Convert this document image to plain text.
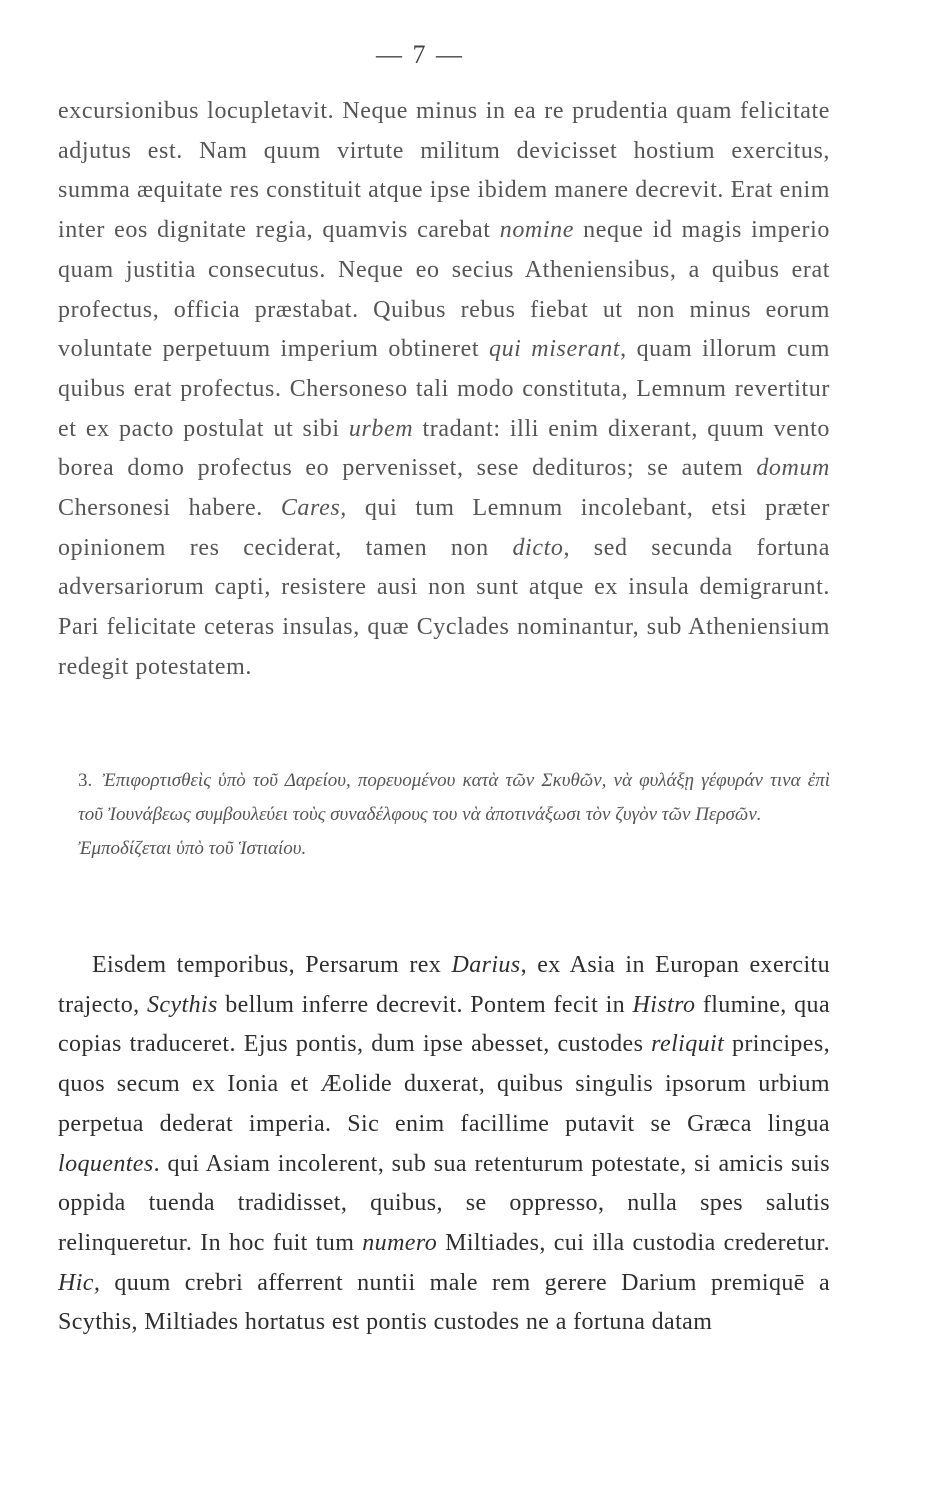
— 7 —

excursionibus locupletavit. Neque minus in ea re prudentia quam felicitate adjutus est. Nam quum virtute militum devicisset hostium exercitus, summa æquitate res constituit atque ipse ibidem manere decrevit. Erat enim inter eos dignitate regia, quamvis carebat nomine neque id magis imperio quam justitia consecutus. Neque eo secius Atheniensibus, a quibus erat profectus, officia præstabat. Quibus rebus fiebat ut non minus eorum voluntate perpetuum imperium obtineret qui miserant, quam illorum cum quibus erat profectus. Chersoneso tali modo constituta, Lemnum revertitur et ex pacto postulat ut sibi urbem tradant: illi enim dixerant, quum vento borea domo profectus eo pervenisset, sese dedituros; se autem domum Chersonesi habere. Cares, qui tum Lemnum incolebant, etsi præter opinionem res ceciderat, tamen non dicto, sed secunda fortuna adversariorum capti, resistere ausi non sunt atque ex insula demigrarunt. Pari felicitate ceteras insulas, quæ Cyclades nominantur, sub Atheniensium redegit potestatem.

3. Ἐπιφορτισθεὶς ὑπὸ τοῦ Δαρείου, πορευομένου κατὰ τῶν Σκυθῶν, νὰ φυλάξῃ γέφυράν τινα ἐπὶ τοῦ Ἰουνάβεως συμβουλεύει τοὺς συναδέλφους του νὰ ἀποτινάξωσι τὸν ζυγὸν τῶν Περσῶν.

Ἐμποδίζεται ὑπὸ τοῦ Ἱστιαίου.

Eisdem temporibus, Persarum rex Darius, ex Asia in Europan exercitu trajecto, Scythis bellum inferre decrevit. Pontem fecit in Histro flumine, qua copias traduceret. Ejus pontis, dum ipse abesset, custodes reliquit principes, quos secum ex Ionia et Æolide duxerat, quibus singulis ipsorum urbium perpetua dederat imperia. Sic enim facillime putavit se Græca lingua loquentes. qui Asiam incolerent, sub sua retenturum potestate, si amicis suis oppida tuenda tradidisset, quibus, se oppresso, nulla spes salutis relinqueretur. In hoc fuit tum numero Miltiades, cui illa custodia crederetur. Hic, quum crebri afferrent nuntii male rem gerere Darium premiquē a Scythis, Miltiades hortatus est pontis custodes ne a fortuna datam
